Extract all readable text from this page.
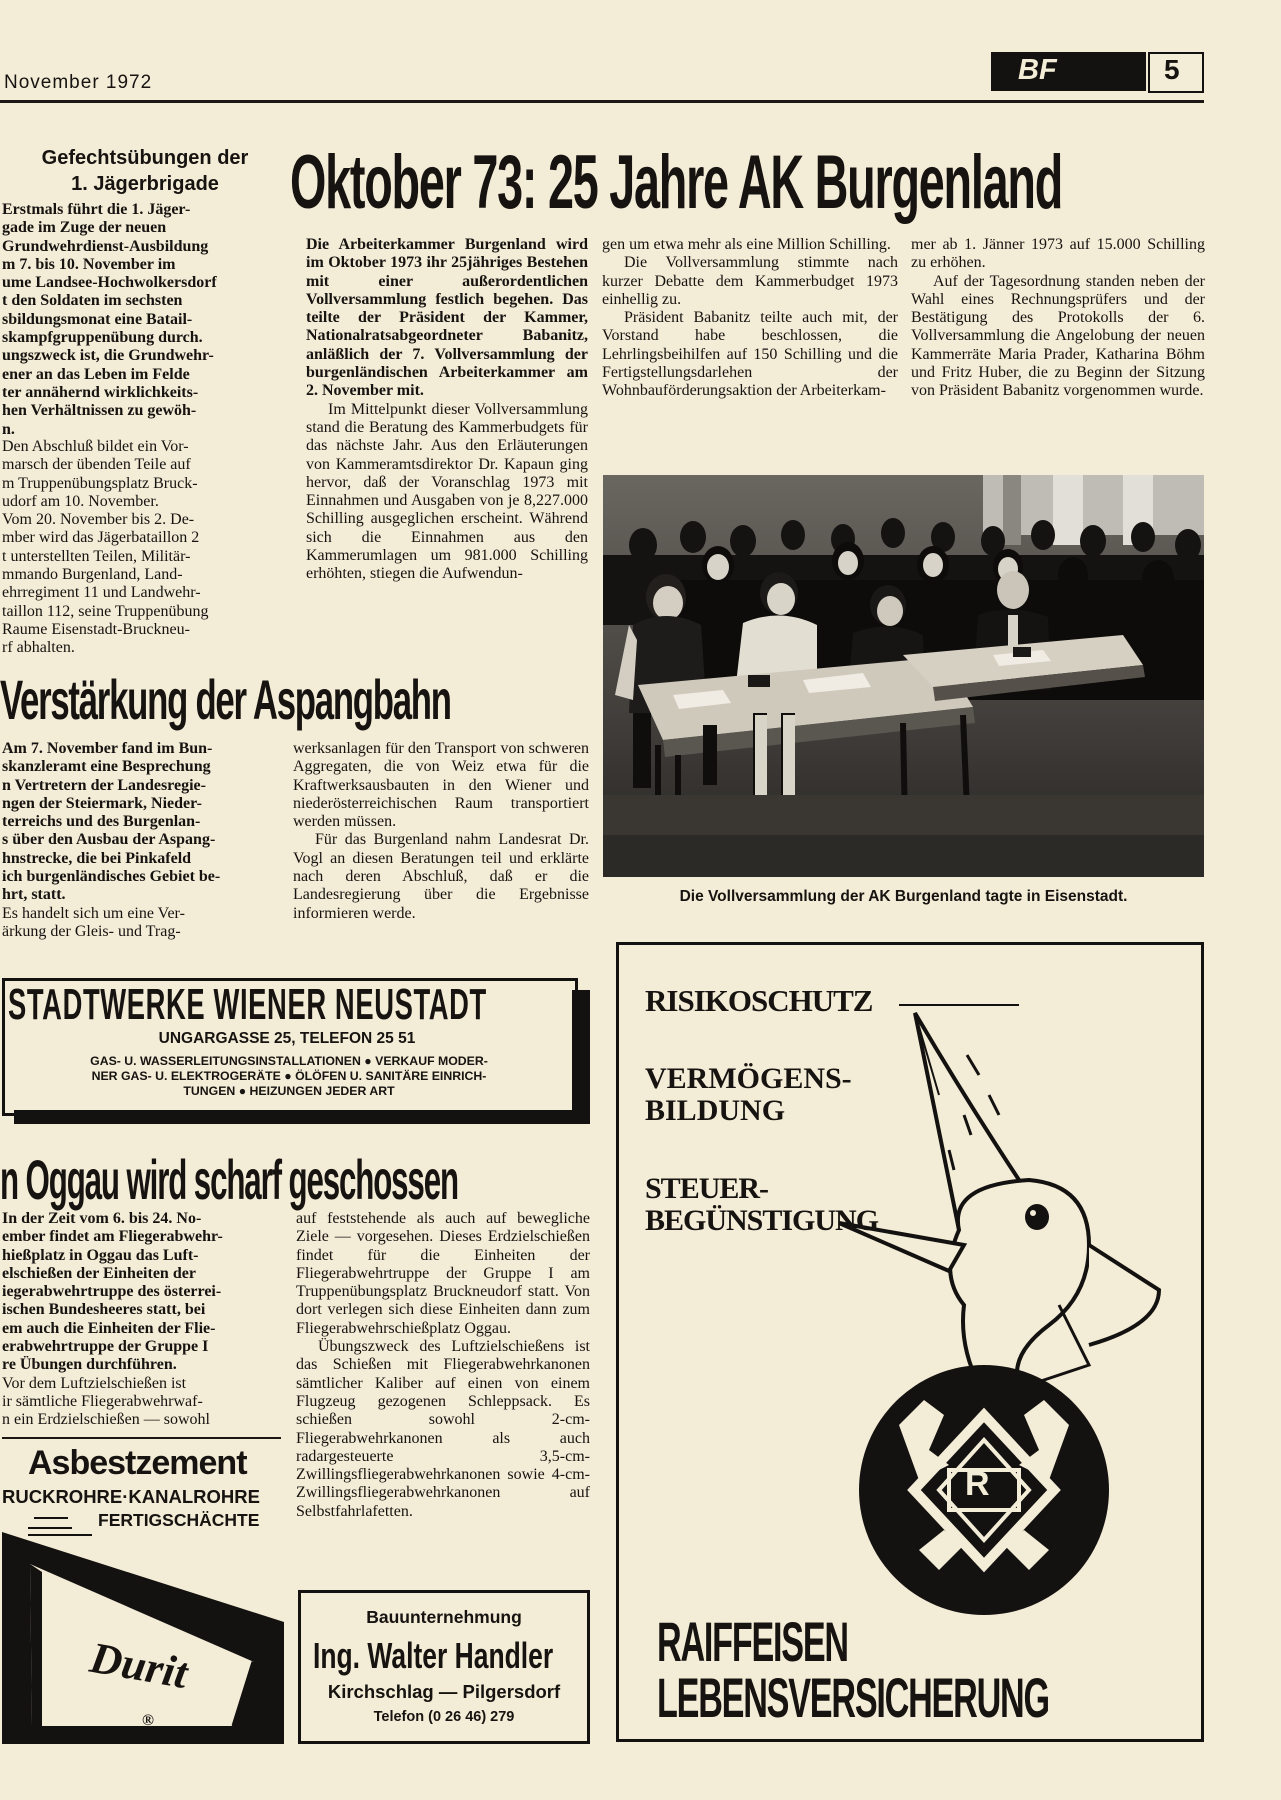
November 1972	BF	5
Gefechtsübungen der
1. Jägerbrigade
Erstmals führt die 1. Jäger-
gade im Zuge der neuen
Grundwehrdienst-Ausbildung
m 7. bis 10. November im
ume Landsee-Hochwolkersdorf
t den Soldaten im sechsten
sbildungsmonat eine Batail-
skampfgruppenübung durch.
ungszweck ist, die Grundwehr-
ener an das Leben im Felde
ter annähernd wirklichkeits-
hen Verhältnissen zu gewöh-
n.
Den Abschluß bildet ein Vor-
marsch der übenden Teile auf
m Truppenübungsplatz Bruck-
udorf am 10. November.
Vom 20. November bis 2. De-
mber wird das Jägerbataillon 2
t unterstellten Teilen, Militär-
mmando Burgenland, Land-
ehrregiment 11 und Landwehr-
taillon 112, seine Truppenübung
Raume Eisenstadt-Bruckneu-
rf abhalten.
Oktober 73: 25 Jahre AK Burgenland

Die Arbeiterkammer Burgenland wird im Oktober 1973 ihr 25jähriges Bestehen mit einer außerordentlichen Vollversammlung festlich begehen. Das teilte der Präsident der Kammer, Nationalratsabgeordneter Babanitz, anläßlich der 7. Vollversammlung der burgenländischen Arbeiterkammer am 2. November mit.

Im Mittelpunkt dieser Vollversammlung stand die Beratung des Kammerbudgets für das nächste Jahr. Aus den Erläuterungen von Kammeramtsdirektor Dr. Kapaun ging hervor, daß der Voranschlag 1973 mit Einnahmen und Ausgaben von je 8,227.000 Schilling ausgeglichen erscheint. Während sich die Einnahmen aus den Kammerumlagen um 981.000 Schilling erhöhten, stiegen die Aufwendun-

gen um etwa mehr als eine Million Schilling.

Die Vollversammlung stimmte nach kurzer Debatte dem Kammerbudget 1973 einhellig zu.

Präsident Babanitz teilte auch mit, der Vorstand habe beschlossen, die Lehrlingsbeihilfen auf 150 Schilling und die Fertigstellungsdarlehen der Wohnbauförderungsaktion der Arbeiterkam-

mer ab 1. Jänner 1973 auf 15.000 Schilling zu erhöhen.

Auf der Tagesordnung standen neben der Wahl eines Rechnungsprüfers und der Bestätigung des Protokolls der 6. Vollversammlung die Angelobung der neuen Kammerräte Maria Prader, Katharina Böhm und Fritz Huber, die zu Beginn der Sitzung von Präsident Babanitz vorgenommen wurde.

Die Vollversammlung der AK Burgenland tagte in Eisenstadt.
Verstärkung der Aspangbahn
Am 7. November fand im Bun-
skanzleramt eine Besprechung
n Vertretern der Landesregie-
ngen der Steiermark, Nieder-
terreichs und des Burgenlan-
s über den Ausbau der Aspang-
hnstrecke, die bei Pinkafeld
ich burgenländisches Gebiet be-
hrt, statt.
Es handelt sich um eine Ver-
ärkung der Gleis- und Trag-

werksanlagen für den Transport von schweren Aggregaten, die von Weiz etwa für die Kraftwerksausbauten in den Wiener und niederösterreichischen Raum transportiert werden müssen.

Für das Burgenland nahm Landesrat Dr. Vogl an diesen Beratungen teil und erklärte nach deren Abschluß, daß er die Landesregierung über die Ergebnisse informieren werde.

STADTWERKE WIENER NEUSTADT
UNGARGASSE 25, TELEFON 25 51
GAS- U. WASSERLEITUNGSINSTALLATIONEN ● VERKAUF MODER-
NER GAS- U. ELEKTROGERÄTE ● ÖLÖFEN U. SANITÄRE EINRICH-
TUNGEN ● HEIZUNGEN JEDER ART
n Oggau wird scharf geschossen
In der Zeit vom 6. bis 24. No-
ember findet am Fliegerabwehr-
hießplatz in Oggau das Luft-
elschießen der Einheiten der
iegerabwehrtruppe des österrei-
ischen Bundesheeres statt, bei
em auch die Einheiten der Flie-
erabwehrtruppe der Gruppe I
re Übungen durchführen.
Vor dem Luftzielschießen ist
ir sämtliche Fliegerabwehrwaf-
n ein Erdzielschießen — sowohl

auf feststehende als auch auf bewegliche Ziele — vorgesehen. Dieses Erdzielschießen findet für die Einheiten der Fliegerabwehrtruppe der Gruppe I am Truppenübungsplatz Bruckneudorf statt. Von dort verlegen sich diese Einheiten dann zum Fliegerabwehrschießplatz Oggau.

Übungszweck des Luftzielschießens ist das Schießen mit Fliegerabwehrkanonen sämtlicher Kaliber auf einen von einem Flugzeug gezogenen Schleppsack. Es schießen sowohl 2-cm-Fliegerabwehrkanonen als auch radargesteuerte 3,5-cm-Zwillingsfliegerabwehrkanonen sowie 4-cm-Zwillingsfliegerabwehrkanonen auf Selbstfahrlafetten.

Asbestzement
RUCKROHRE·KANALROHRE
FERTIGSCHÄCHTE
Durit
®
Bauunternehmung
Ing. Walter Handler
Kirchschlag — Pilgersdorf
Telefon (0 26 46) 279
RISIKOSCHUTZ
VERMÖGENS-
BILDUNG
STEUER-
BEGÜNSTIGUNG
R
RAIFFEISEN
LEBENSVERSICHERUNG
